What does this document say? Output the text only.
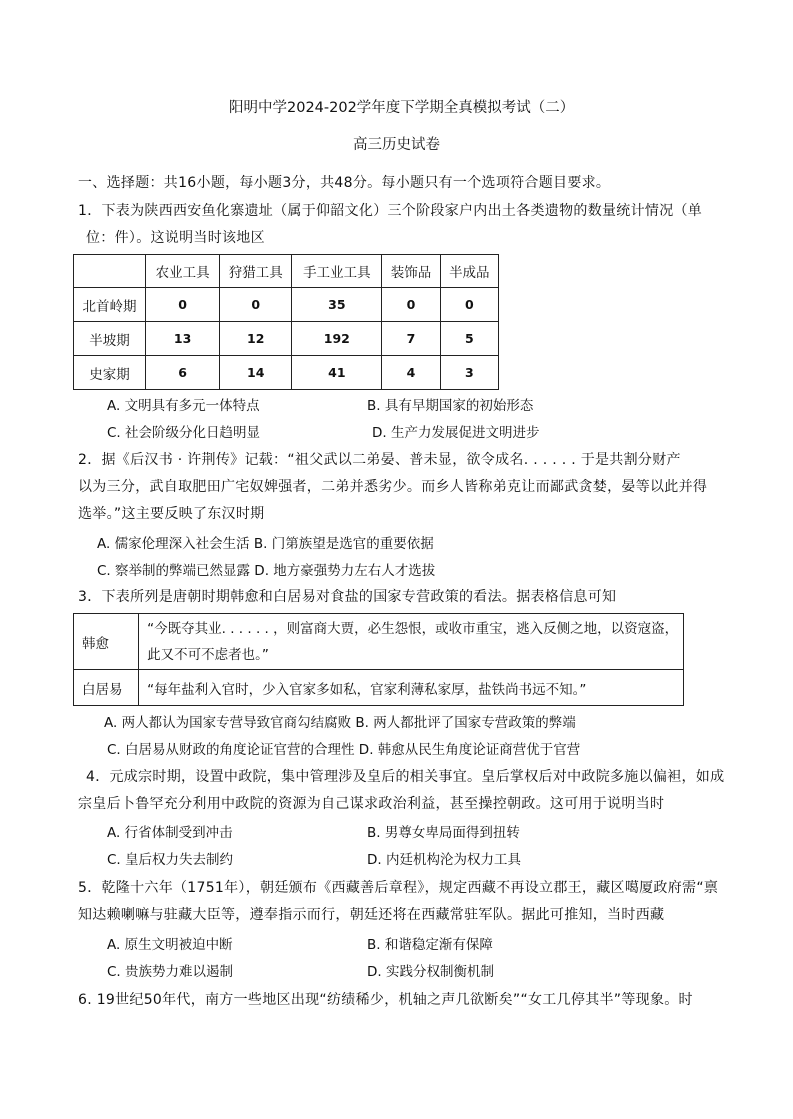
阳明中学2024-202学年度下学期全真模拟考试（二）
高三历史试卷
一、选择题：共16小题，每小题3分，共48分。每小题只有一个选项符合题目要求。
1．下表为陕西西安鱼化寨遗址（属于仰韶文化）三个阶段家户内出土各类遗物的数量统计情况（单
位：件）。这说明当时该地区
	农业工具	狩猎工具	手工业工具	装饰品	半成品
北首岭期	0	0	35	0	0
半坡期	13	12	192	7	5
史家期	6	14	41	4	3
A. 文明具有多元一体特点	B. 具有早期国家的初始形态
C. 社会阶级分化日趋明显	D. 生产力发展促进文明进步
2．据《后汉书 · 许荆传》记载：“祖父武以二弟晏、普未显，欲令成名. . . . . . 于是共割分财产
以为三分，武自取肥田广宅奴婢强者，二弟并悉劣少。而乡人皆称弟克让而鄙武贪婪，晏等以此并得
选举。”这主要反映了东汉时期
A. 儒家伦理深入社会生活 B. 门第族望是选官的重要依据
C. 察举制的弊端已然显露 D. 地方豪强势力左右人才选拔
3．下表所列是唐朝时期韩愈和白居易对食盐的国家专营政策的看法。据表格信息可知
韩愈	“今既夺其业. . . . . . ，则富商大贾，必生怨恨，或收市重宝，逃入反侧之地，以资寇盗，
此又不可不虑者也。”

白居易	“每年盐利入官时，少入官家多如私，官家利薄私家厚，盐铁尚书远不知。”
A. 两人都认为国家专营导致官商勾结腐败 B. 两人都批评了国家专营政策的弊端
C. 白居易从财政的角度论证官营的合理性 D. 韩愈从民生角度论证商营优于官营
4．元成宗时期，设置中政院，集中管理涉及皇后的相关事宜。皇后掌权后对中政院多施以偏袒，如成
宗皇后卜鲁罕充分利用中政院的资源为自己谋求政治利益，甚至操控朝政。这可用于说明当时
A. 行省体制受到冲击	B. 男尊女卑局面得到扭转
C. 皇后权力失去制约	D. 内廷机构沦为权力工具
5．乾隆十六年（1751年），朝廷颁布《西藏善后章程》，规定西藏不再设立郡王，藏区噶厦政府需“禀
知达赖喇嘛与驻藏大臣等，遵奉指示而行，朝廷还将在西藏常驻军队。据此可推知，当时西藏
A. 原生文明被迫中断	B. 和谐稳定渐有保障
C. 贵族势力难以遏制	D. 实践分权制衡机制
6. 19世纪50年代，南方一些地区出现“纺绩稀少，机轴之声几欲断矣”“女工几停其半”等现象。时
